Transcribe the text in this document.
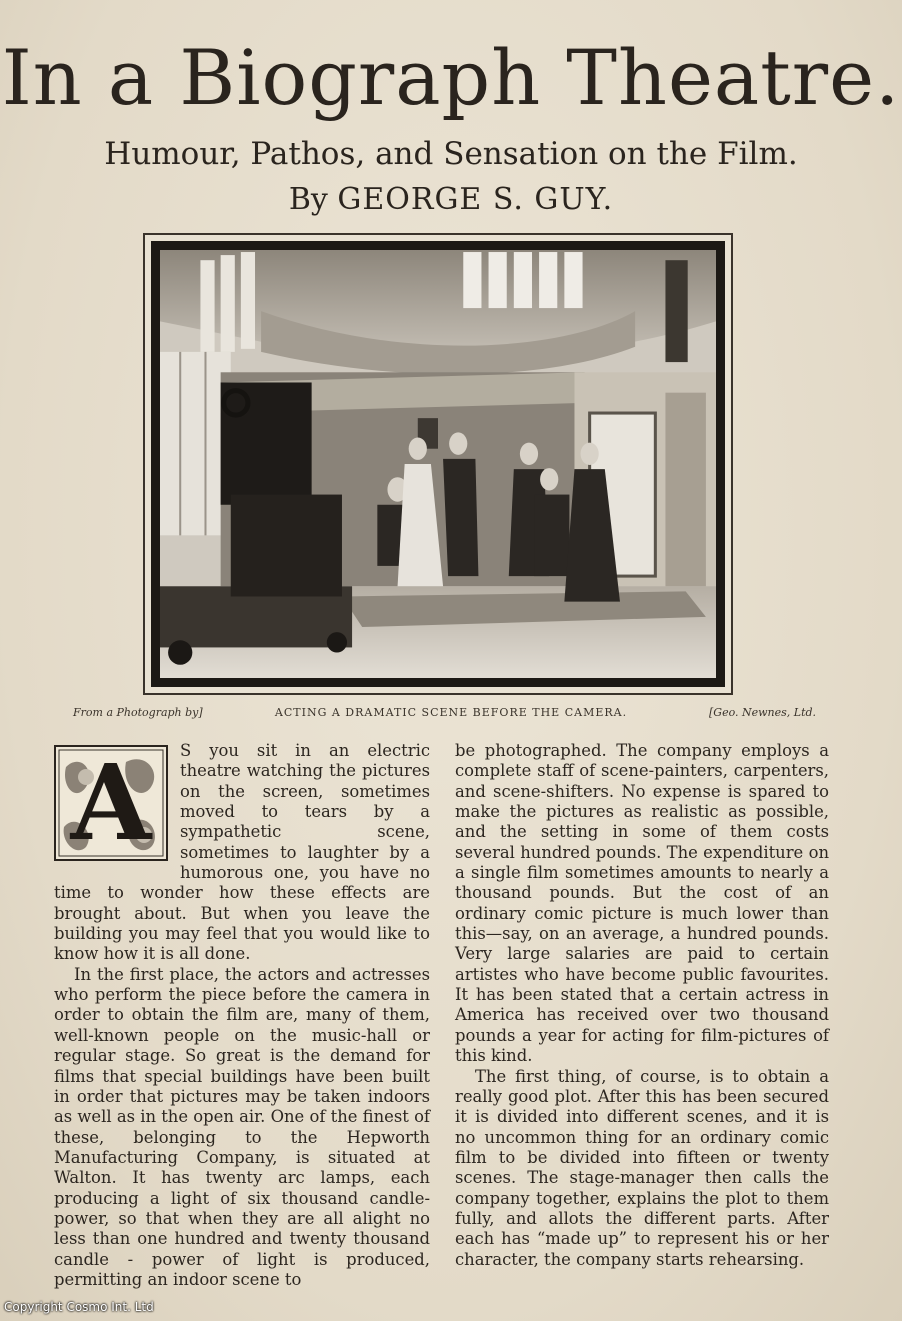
In a Biograph Theatre.
Humour, Pathos, and Sensation on the Film.
By GEORGE S. GUY.
From a Photograph by]	ACTING A DRAMATIC SCENE BEFORE THE CAMERA.	[Geo. Newnes, Ltd.
A	S you sit in an electric theatre watching the pictures on the screen, sometimes moved to tears by a sympathetic scene, sometimes to laughter by a humorous one, you have no time to wonder how these effects are brought about. But when you leave the building you may feel that you would like to know how it is all done.

In the first place, the actors and actresses who perform the piece before the camera in order to obtain the film are, many of them, well-known people on the music-hall or regular stage. So great is the demand for films that special buildings have been built in order that pictures may be taken indoors as well as in the open air. One of the finest of these, belonging to the Hepworth Manufacturing Company, is situated at Walton. It has twenty arc lamps, each producing a light of six thousand candle-power, so that when they are all alight no less than one hundred and twenty thousand candle - power of light is produced, permitting an indoor scene to

be photographed. The company employs a complete staff of scene-painters, carpenters, and scene-shifters. No expense is spared to make the pictures as realistic as possible, and the setting in some of them costs several hundred pounds. The expenditure on a single film sometimes amounts to nearly a thousand pounds. But the cost of an ordinary comic picture is much lower than this—say, on an average, a hundred pounds. Very large salaries are paid to certain artistes who have become public favourites. It has been stated that a certain actress in America has received over two thousand pounds a year for acting for film-pictures of this kind.

The first thing, of course, is to obtain a really good plot. After this has been secured it is divided into different scenes, and it is no uncommon thing for an ordinary comic film to be divided into fifteen or twenty scenes. The stage-manager then calls the company together, explains the plot to them fully, and allots the different parts. After each has “made up” to represent his or her character, the company starts rehearsing.

Copyright Cosmo Int. Ltd
